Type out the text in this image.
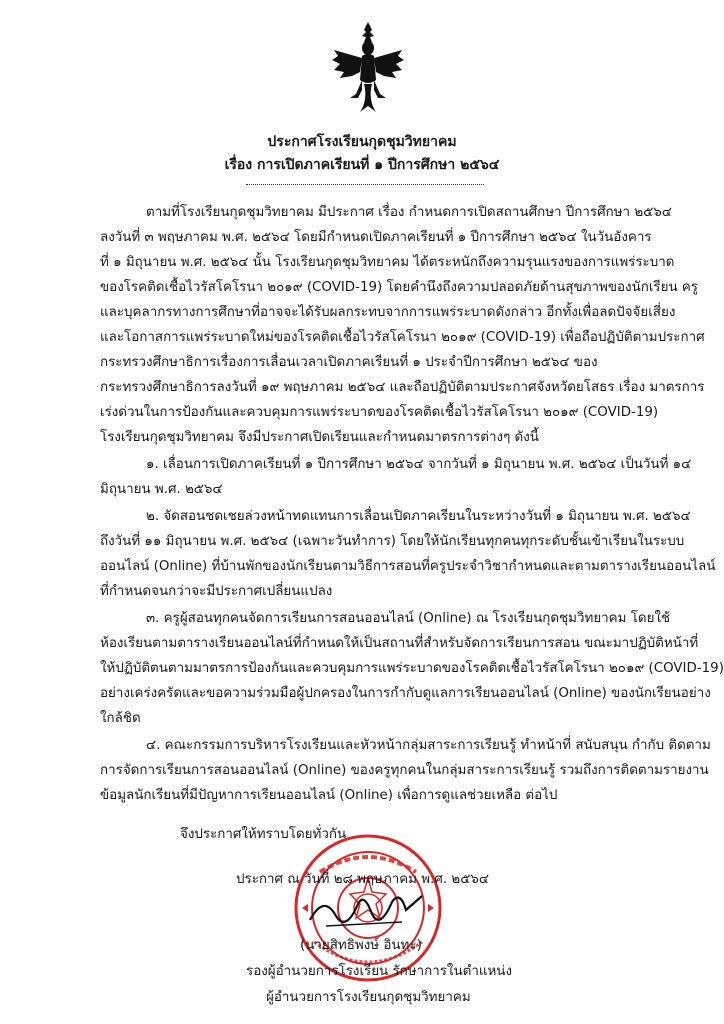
ประกาศโรงเรียนกุดชุมวิทยาคม
เรื่อง การเปิดภาคเรียนที่ ๑ ปีการศึกษา ๒๕๖๔
ตามที่โรงเรียนกุดชุมวิทยาคม มีประกาศ เรื่อง กำหนดการเปิดสถานศึกษา ปีการศึกษา ๒๕๖๔
ลงวันที่ ๓ พฤษภาคม พ.ศ. ๒๕๖๔ โดยมีกำหนดเปิดภาคเรียนที่ ๑ ปีการศึกษา ๒๕๖๔ ในวันอังคาร
ที่ ๑ มิถุนายน พ.ศ. ๒๕๖๔ นั้น โรงเรียนกุดชุมวิทยาคม ได้ตระหนักถึงความรุนแรงของการแพร่ระบาด
ของโรคติดเชื้อไวรัสโคโรนา ๒๐๑๙ (COVID-19) โดยคำนึงถึงความปลอดภัยด้านสุขภาพของนักเรียน ครู
และบุคลากรทางการศึกษาที่อาจจะได้รับผลกระทบจากการแพร่ระบาดดังกล่าว อีกทั้งเพื่อลดปัจจัยเสี่ยง
และโอกาสการแพร่ระบาดใหม่ของโรคติดเชื้อไวรัสโคโรนา ๒๐๑๙ (COVID-19) เพื่อถือปฏิบัติตามประกาศ
กระทรวงศึกษาธิการเรื่องการเลื่อนเวลาเปิดภาคเรียนที่ ๑ ประจำปีการศึกษา ๒๕๖๔ ของ
กระทรวงศึกษาธิการลงวันที่ ๑๙ พฤษภาคม ๒๕๖๔ และถือปฏิบัติตามประกาศจังหวัดยโสธร เรื่อง มาตรการ
เร่งด่วนในการป้องกันและควบคุมการแพร่ระบาดของโรคติดเชื้อไวรัสโคโรนา ๒๐๑๙ (COVID-19)
โรงเรียนกุดชุมวิทยาคม จึงมีประกาศเปิดเรียนและกำหนดมาตรการต่างๆ ดังนี้
๑. เลื่อนการเปิดภาคเรียนที่ ๑ ปีการศึกษา ๒๕๖๔ จากวันที่ ๑ มิถุนายน พ.ศ. ๒๕๖๔ เป็นวันที่ ๑๔
มิถุนายน พ.ศ. ๒๕๖๔
๒. จัดสอนชดเชยล่วงหน้าทดแทนการเลื่อนเปิดภาคเรียนในระหว่างวันที่ ๑ มิถุนายน พ.ศ. ๒๕๖๔
ถึงวันที่ ๑๑ มิถุนายน พ.ศ. ๒๕๖๔ (เฉพาะวันทำการ) โดยให้นักเรียนทุกคนทุกระดับชั้นเข้าเรียนในระบบ
ออนไลน์ (Online) ที่บ้านพักของนักเรียนตามวิธีการสอนที่ครูประจำวิชากำหนดและตามตารางเรียนออนไลน์
ที่กำหนดจนกว่าจะมีประกาศเปลี่ยนแปลง
๓. ครูผู้สอนทุกคนจัดการเรียนการสอนออนไลน์ (Online) ณ โรงเรียนกุดชุมวิทยาคม โดยใช้
ห้องเรียนตามตารางเรียนออนไลน์ที่กำหนดให้เป็นสถานที่สำหรับจัดการเรียนการสอน ขณะมาปฏิบัติหน้าที่
ให้ปฏิบัติตนตามมาตรการป้องกันและควบคุมการแพร่ระบาดของโรคติดเชื้อไวรัสโคโรนา ๒๐๑๙ (COVID-19)
อย่างเคร่งครัดและขอความร่วมมือผู้ปกครองในการกำกับดูแลการเรียนออนไลน์ (Online) ของนักเรียนอย่าง
ใกล้ชิด
๔. คณะกรรมการบริหารโรงเรียนและหัวหน้ากลุ่มสาระการเรียนรู้ ทำหน้าที่ สนับสนุน กำกับ ติดตาม
การจัดการเรียนการสอนออนไลน์ (Online) ของครูทุกคนในกลุ่มสาระการเรียนรู้ รวมถึงการติดตามรายงาน
ข้อมูลนักเรียนที่มีปัญหาการเรียนออนไลน์ (Online) เพื่อการดูแลช่วยเหลือ ต่อไป
จึงประกาศให้ทราบโดยทั่วกัน
ประกาศ ณ วันที่ ๒๘ พฤษภาคม พ.ศ. ๒๕๖๔
(นายสิทธิพงษ์ อินทะ)
รองผู้อำนวยการโรงเรียน รักษาการในตำแหน่ง
ผู้อำนวยการโรงเรียนกุดชุมวิทยาคม
